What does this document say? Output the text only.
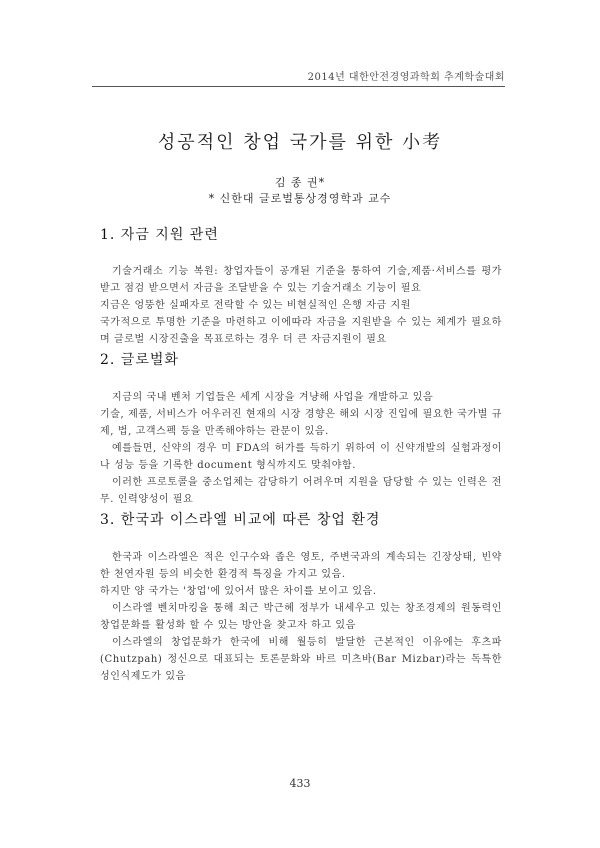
2014년 대한안전경영과학회 추계학술대회
성공적인 창업 국가를 위한 小考
김 종 권*
* 신한대 글로벌통상경영학과 교수
1. 자금 지원 관련

기술거래소 기능 복원: 창업자들이 공개된 기준을 통하여 기술,제품·서비스를 평가받고 점검 받으면서 자금을 조달받을 수 있는 기술거래소 기능이 필요

지금은 엉뚱한 실패자로 전락할 수 있는 비현실적인 은행 자금 지원

국가적으로 투명한 기준을 마련하고 이에따라 자금을 지원받을 수 있는 체계가 필요하며 글로벌 시장진출을 목표로하는 경우 더 큰 자금지원이 필요

2. 글로벌화

지금의 국내 벤처 기업들은 세계 시장을 겨냥해 사업을 개발하고 있음

기술, 제품, 서비스가 어우러진 현재의 시장 경향은 해외 시장 진입에 필요한 국가별 규제, 법, 고객스펙 등을 만족해야하는 관문이 있음.

예를들면, 신약의 경우 미 FDA의 허가를 득하기 위하여 이 신약개발의 실험과정이나 성능 등을 기록한 document 형식까지도 맞춰야함.

이러한 프로토콜을 중소업체는 감당하기 어려우며 지원을 담당할 수 있는 인력은 전무. 인력양성이 필요

3. 한국과 이스라엘 비교에 따른 창업 환경

한국과 이스라엘은 적은 인구수와 좁은 영토, 주변국과의 계속되는 긴장상태, 빈약한 천연자원 등의 비슷한 환경적 특징을 가지고 있음.

하지만 양 국가는 '창업'에 있어서 많은 차이를 보이고 있음.

이스라엘 벤치마킹을 통해 최근 박근혜 정부가 내세우고 있는 창조경제의 원동력인 창업문화를 활성화 할 수 있는 방안을 찾고자 하고 있음

이스라엘의 창업문화가 한국에 비해 월등히 발달한 근본적인 이유에는 후츠파(Chutzpah) 정신으로 대표되는 토론문화와 바르 미츠바(Bar Mizbar)라는 독특한 성인식제도가 있음

433
